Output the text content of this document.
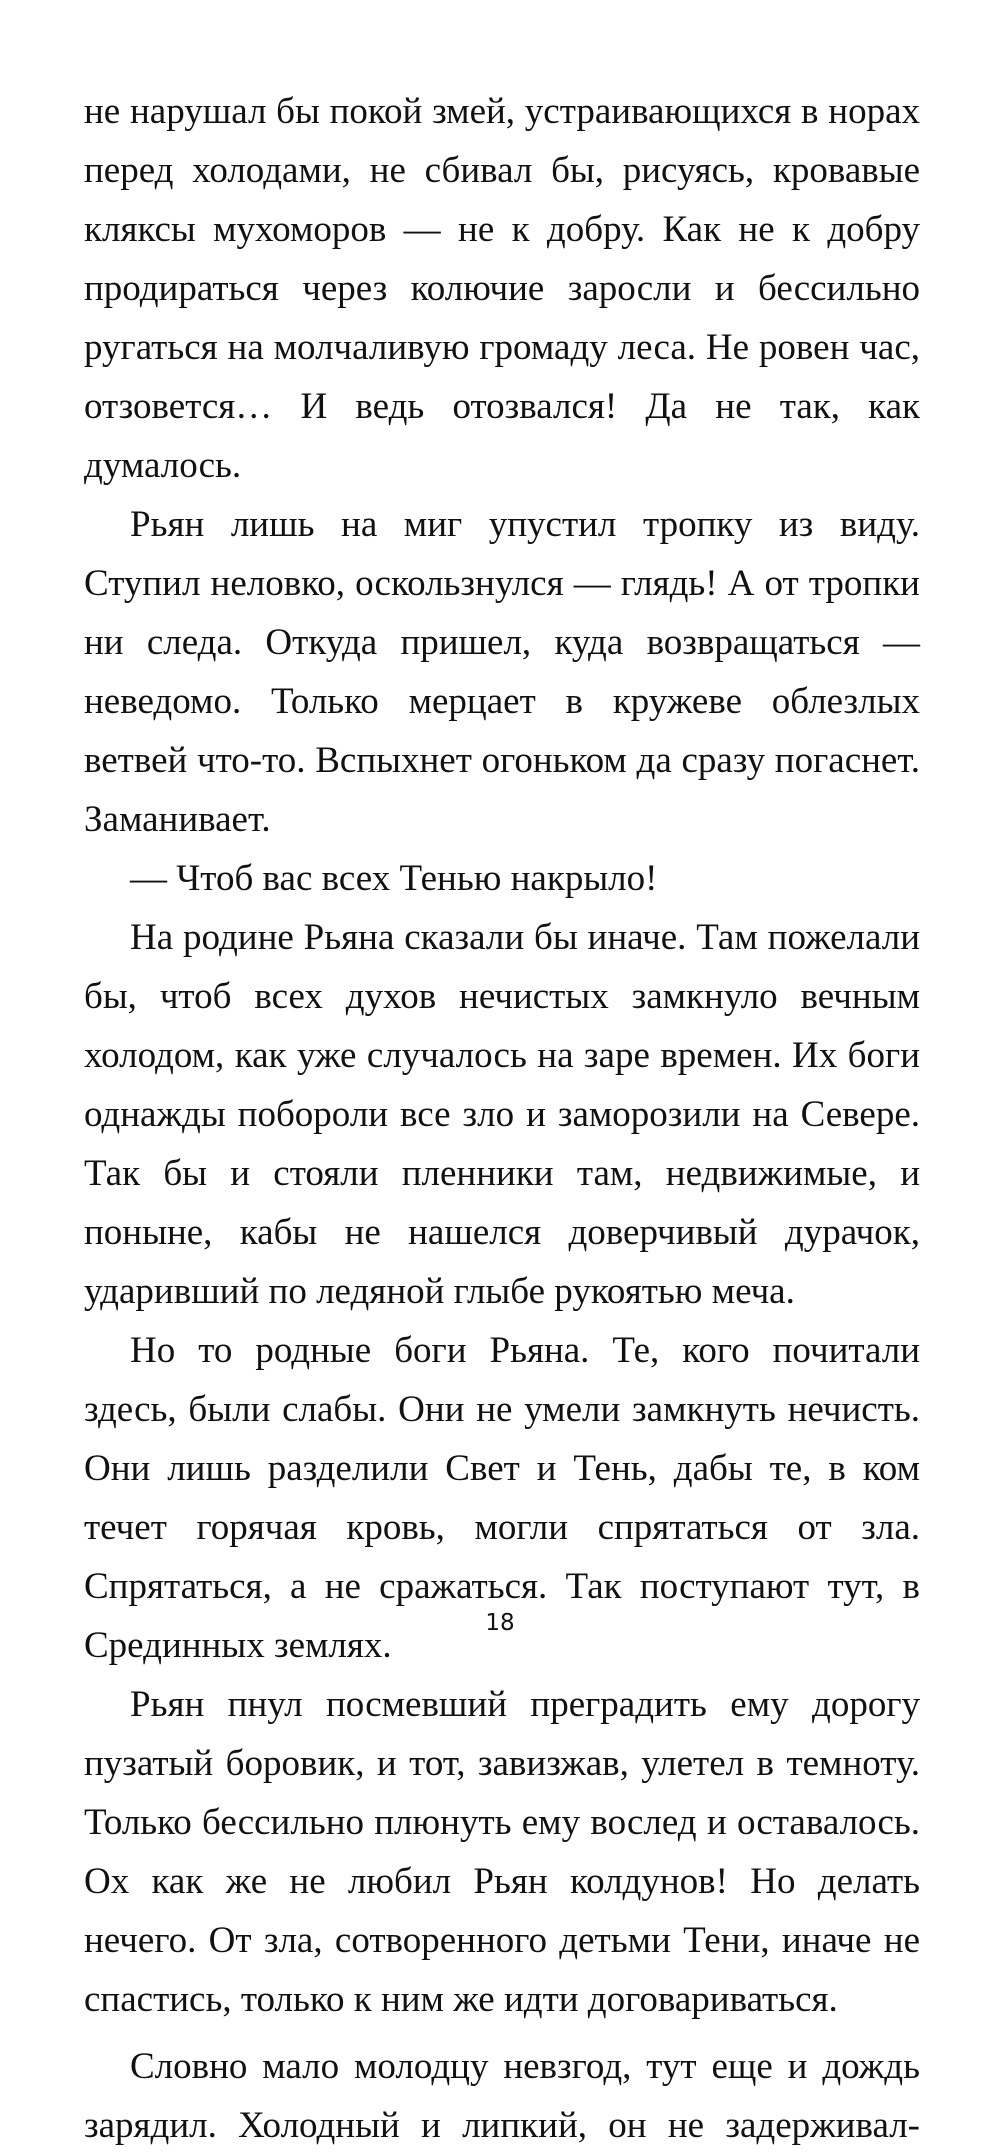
не нарушал бы покой змей, устраивающихся в норах перед холодами, не сбивал бы, рисуясь, кровавые кляксы мухоморов — не к добру. Как не к добру продираться через колючие заросли и бессильно ругаться на молчаливую громаду леса. Не ровен час, отзовется… И ведь отозвался! Да не так, как думалось.

Рьян лишь на миг упустил тропку из виду. Ступил неловко, оскользнулся — глядь! А от тропки ни следа. Откуда пришел, куда возвращаться — неведомо. Только мерцает в кружеве облезлых ветвей что-то. Вспыхнет огоньком да сразу погаснет. Заманивает.

— Чтоб вас всех Тенью накрыло!

На родине Рьяна сказали бы иначе. Там пожелали бы, чтоб всех духов нечистых замкнуло вечным холодом, как уже случалось на заре времен. Их боги однажды побороли все зло и заморозили на Севере. Так бы и стояли пленники там, недвижимые, и поныне, кабы не нашелся доверчивый дурачок, ударивший по ледяной глыбе рукоятью меча.

Но то родные боги Рьяна. Те, кого почитали здесь, были слабы. Они не умели замкнуть нечисть. Они лишь разделили Свет и Тень, дабы те, в ком течет горячая кровь, могли спрятаться от зла. Спрятаться, а не сражаться. Так поступают тут, в Срединных землях.

Рьян пнул посмевший преградить ему дорогу пузатый боровик, и тот, завизжав, улетел в темноту. Только бессильно плюнуть ему вослед и оставалось. Ох как же не любил Рьян колдунов! Но делать нечего. От зла, сотворенного детьми Тени, иначе не спастись, только к ним же идти договариваться.

Словно мало молодцу невзгод, тут еще и дождь зарядил. Холодный и липкий, он не задерживал-

18
